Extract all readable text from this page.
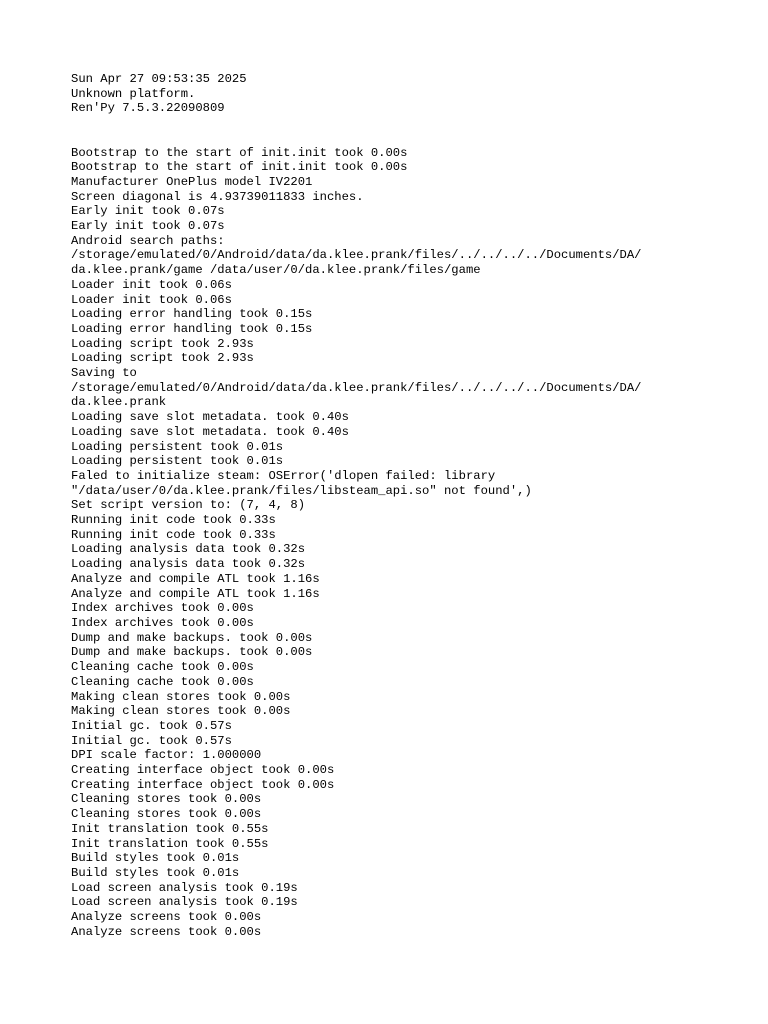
Sun Apr 27 09:53:35 2025
Unknown platform.
Ren'Py 7.5.3.22090809
Bootstrap to the start of init.init took 0.00s
Bootstrap to the start of init.init took 0.00s
Manufacturer OnePlus model IV2201
Screen diagonal is 4.93739011833 inches.
Early init took 0.07s
Early init took 0.07s
Android search paths:
/storage/emulated/0/Android/data/da.klee.prank/files/../../../../Documents/DA/
da.klee.prank/game /data/user/0/da.klee.prank/files/game
Loader init took 0.06s
Loader init took 0.06s
Loading error handling took 0.15s
Loading error handling took 0.15s
Loading script took 2.93s
Loading script took 2.93s
Saving to
/storage/emulated/0/Android/data/da.klee.prank/files/../../../../Documents/DA/
da.klee.prank
Loading save slot metadata. took 0.40s
Loading save slot metadata. took 0.40s
Loading persistent took 0.01s
Loading persistent took 0.01s
Faled to initialize steam: OSError('dlopen failed: library
"/data/user/0/da.klee.prank/files/libsteam_api.so" not found',)
Set script version to: (7, 4, 8)
Running init code took 0.33s
Running init code took 0.33s
Loading analysis data took 0.32s
Loading analysis data took 0.32s
Analyze and compile ATL took 1.16s
Analyze and compile ATL took 1.16s
Index archives took 0.00s
Index archives took 0.00s
Dump and make backups. took 0.00s
Dump and make backups. took 0.00s
Cleaning cache took 0.00s
Cleaning cache took 0.00s
Making clean stores took 0.00s
Making clean stores took 0.00s
Initial gc. took 0.57s
Initial gc. took 0.57s
DPI scale factor: 1.000000
Creating interface object took 0.00s
Creating interface object took 0.00s
Cleaning stores took 0.00s
Cleaning stores took 0.00s
Init translation took 0.55s
Init translation took 0.55s
Build styles took 0.01s
Build styles took 0.01s
Load screen analysis took 0.19s
Load screen analysis took 0.19s
Analyze screens took 0.00s
Analyze screens took 0.00s
